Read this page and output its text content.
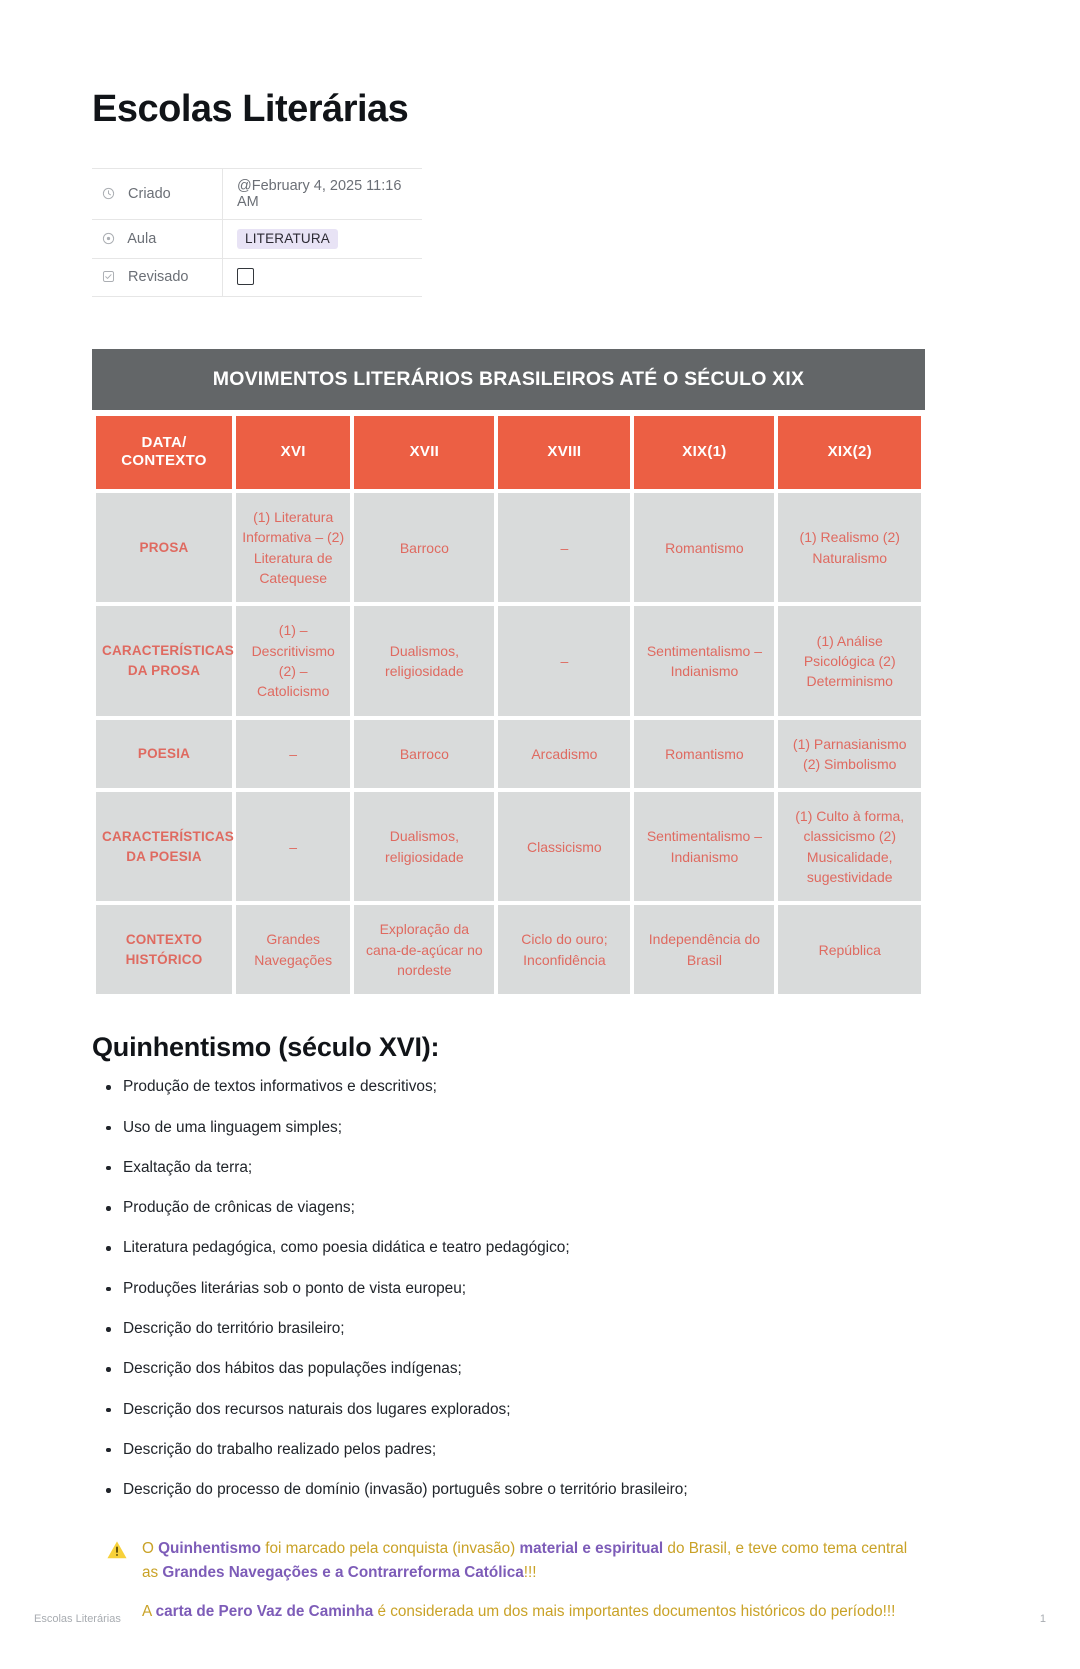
Escolas Literárias
Criado	@February 4, 2025 11:16 AM

Aula	LITERATURA

Revisado	
MOVIMENTOS LITERÁRIOS BRASILEIROS ATÉ O SÉCULO XIX
DATA/
CONTEXTO	XVI	XVII	XVIII	XIX(1)	XIX(2)
PROSA	(1) Literatura Informativa – (2) Literatura de Catequese	Barroco	–	Romantismo	(1) Realismo (2) Naturalismo
CARACTERÍSTICAS
DA PROSA	(1) – Descritivismo (2) – Catolicismo	Dualismos, religiosidade	–	Sentimentalismo – Indianismo	(1) Análise Psicológica (2) Determinismo
POESIA	–	Barroco	Arcadismo	Romantismo	(1) Parnasianismo (2) Simbolismo
CARACTERÍSTICAS
DA POESIA	–	Dualismos, religiosidade	Classicismo	Sentimentalismo – Indianismo	(1) Culto à forma, classicismo (2) Musicalidade, sugestividade
CONTEXTO
HISTÓRICO	Grandes Navegações	Exploração da cana-de-açúcar no nordeste	Ciclo do ouro; Inconfidência	Independência do Brasil	República
Quinhentismo (século XVI):
Produção de textos informativos e descritivos;
Uso de uma linguagem simples;
Exaltação da terra;
Produção de crônicas de viagens;
Literatura pedagógica, como poesia didática e teatro pedagógico;
Produções literárias sob o ponto de vista europeu;
Descrição do território brasileiro;
Descrição dos hábitos das populações indígenas;
Descrição dos recursos naturais dos lugares explorados;
Descrição do trabalho realizado pelos padres;
Descrição do processo de domínio (invasão) português sobre o território brasileiro;

O Quinhentismo foi marcado pela conquista (invasão) material e espiritual do Brasil, e teve como tema central as Grandes Navegações e a Contrarreforma Católica!!!

A carta de Pero Vaz de Caminha é considerada um dos mais importantes documentos históricos do período!!!

Escolas Literárias	1
